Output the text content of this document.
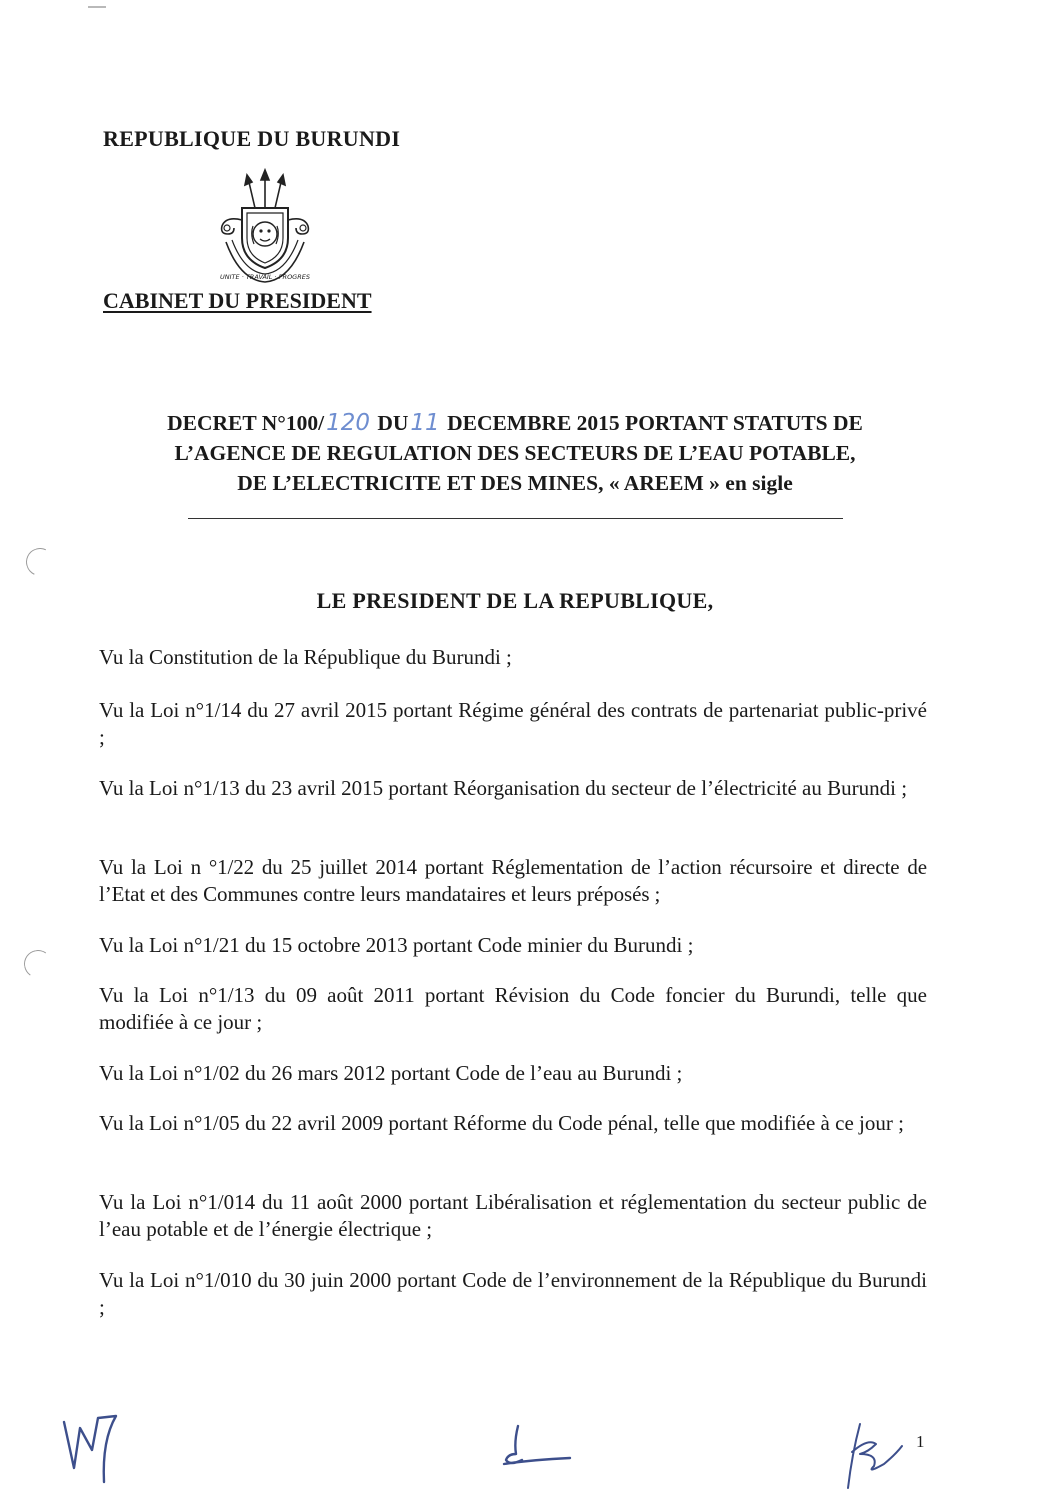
REPUBLIQUE DU BURUNDI
UNITE · TRAVAIL · PROGRES
CABINET DU PRESIDENT
DECRET N°100/120 DU11 DECEMBRE 2015 PORTANT STATUTS DE
L’AGENCE DE REGULATION DES SECTEURS DE L’EAU POTABLE,
DE L’ELECTRICITE ET DES MINES, « AREEM » en sigle
LE PRESIDENT DE LA REPUBLIQUE,
Vu la Constitution de la République du Burundi ;
Vu la Loi n°1/14 du 27 avril 2015 portant Régime général des contrats de partenariat public-privé ;
Vu la Loi n°1/13 du 23 avril 2015 portant Réorganisation du secteur de l’électricité au Burundi ;
Vu la Loi n °1/22 du 25 juillet 2014 portant Réglementation de l’action récursoire et directe de l’Etat et des Communes contre leurs mandataires et leurs préposés ;
Vu la Loi n°1/21 du 15 octobre 2013 portant Code minier du Burundi ;
Vu la Loi n°1/13 du 09 août 2011 portant Révision du Code foncier du Burundi, telle que modifiée à ce jour ;
Vu la Loi n°1/02 du 26 mars 2012 portant Code de l’eau au Burundi ;
Vu la Loi n°1/05 du 22 avril 2009 portant Réforme du Code pénal, telle que modifiée à ce jour ;
Vu la Loi n°1/014 du 11 août 2000 portant Libéralisation et réglementation du secteur public de l’eau potable et de l’énergie électrique ;
Vu la Loi n°1/010 du 30 juin 2000 portant Code de l’environnement de la République du Burundi ;
1
